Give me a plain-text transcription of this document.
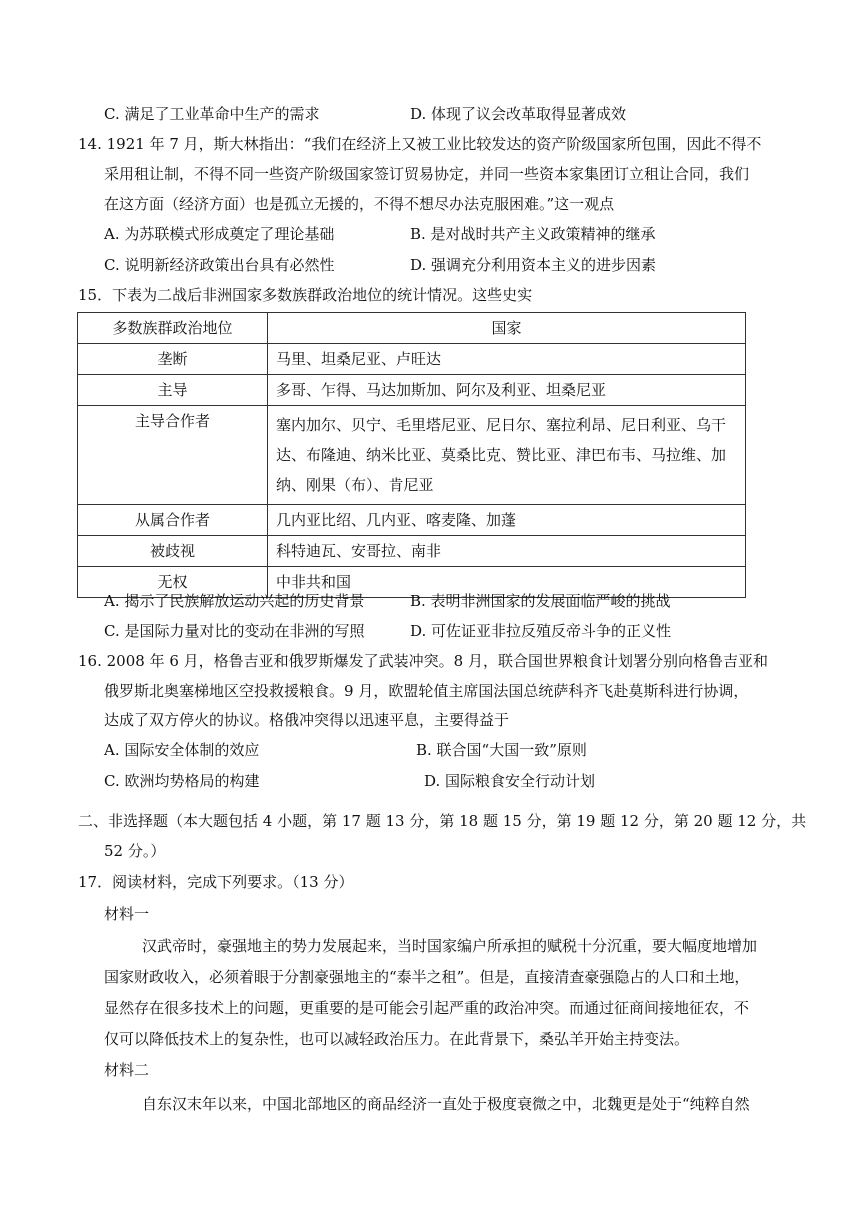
C. 满足了工业革命中生产的需求	D. 体现了议会改革取得显著成效
14. 1921 年 7 月，斯大林指出：“我们在经济上又被工业比较发达的资产阶级国家所包围，因此不得不
采用租让制，不得不同一些资产阶级国家签订贸易协定，并同一些资本家集团订立租让合同，我们
在这方面（经济方面）也是孤立无援的，不得不想尽办法克服困难。”这一观点
A. 为苏联模式形成奠定了理论基础	B. 是对战时共产主义政策精神的继承
C. 说明新经济政策出台具有必然性	D. 强调充分利用资本主义的进步因素
15．下表为二战后非洲国家多数族群政治地位的统计情况。这些史实
多数族群政治地位	国家
垄断	马里、坦桑尼亚、卢旺达
主导	多哥、乍得、马达加斯加、阿尔及利亚、坦桑尼亚
主导合作者	塞内加尔、贝宁、毛里塔尼亚、尼日尔、塞拉利昂、尼日利亚、乌干达、布隆迪、纳米比亚、莫桑比克、赞比亚、津巴布韦、马拉维、加纳、刚果（布）、肯尼亚
从属合作者	几内亚比绍、几内亚、喀麦隆、加蓬
被歧视	科特迪瓦、安哥拉、南非
无权	中非共和国
A. 揭示了民族解放运动兴起的历史背景	B. 表明非洲国家的发展面临严峻的挑战
C. 是国际力量对比的变动在非洲的写照	D. 可佐证亚非拉反殖反帝斗争的正义性
16. 2008 年 6 月，格鲁吉亚和俄罗斯爆发了武装冲突。8 月，联合国世界粮食计划署分别向格鲁吉亚和
俄罗斯北奥塞梯地区空投救援粮食。9 月，欧盟轮值主席国法国总统萨科齐飞赴莫斯科进行协调，
达成了双方停火的协议。格俄冲突得以迅速平息，主要得益于
A. 国际安全体制的效应	B. 联合国“大国一致”原则
C. 欧洲均势格局的构建	D. 国际粮食安全行动计划
二、非选择题（本大题包括 4 小题，第 17 题 13 分，第 18 题 15 分，第 19 题 12 分，第 20 题 12 分，共
52 分。）
17．阅读材料，完成下列要求。（13 分）
材料一
汉武帝时，豪强地主的势力发展起来，当时国家编户所承担的赋税十分沉重，要大幅度地增加
国家财政收入，必须着眼于分割豪强地主的“泰半之租”。但是，直接清查豪强隐占的人口和土地，
显然存在很多技术上的问题，更重要的是可能会引起严重的政治冲突。而通过征商间接地征农，不
仅可以降低技术上的复杂性，也可以减轻政治压力。在此背景下，桑弘羊开始主持变法。
材料二
自东汉末年以来，中国北部地区的商品经济一直处于极度衰微之中，北魏更是处于“纯粹自然
